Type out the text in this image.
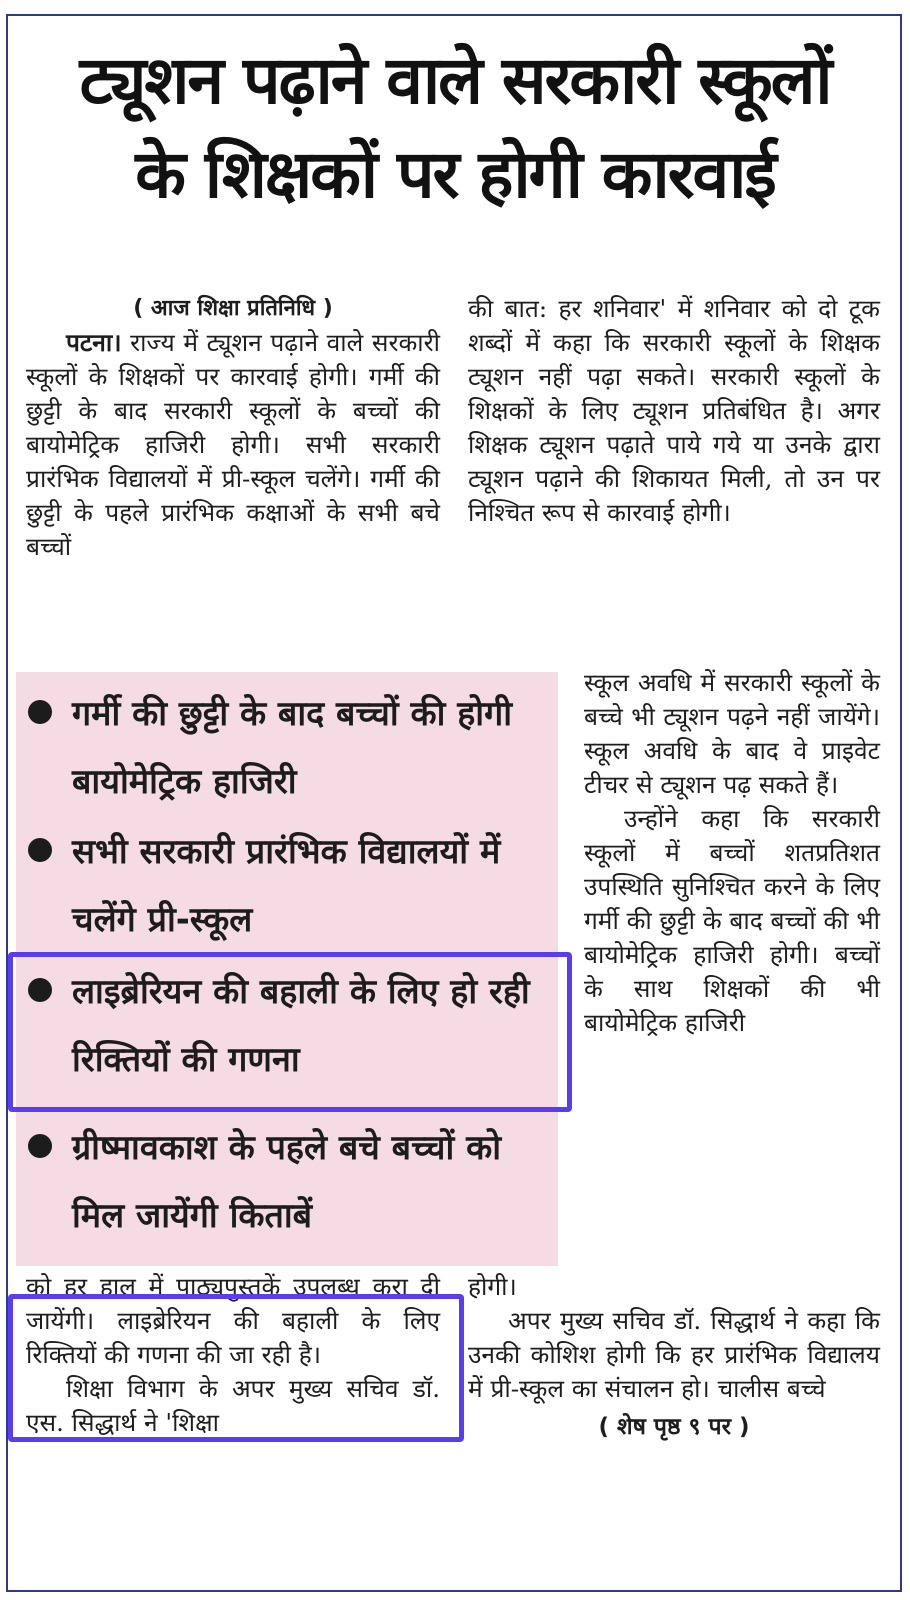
ट्यूशन पढ़ाने वाले सरकारी स्कूलों
के शिक्षकों पर होगी कारवाई

( आज शिक्षा प्रतिनिधि )

पटना। राज्य में ट्यूशन पढ़ाने वाले सरकारी स्कूलों के शिक्षकों पर कारवाई होगी। गर्मी की छुट्टी के बाद सरकारी स्कूलों के बच्चों की बायोमेट्रिक हाजिरी होगी। सभी सरकारी प्रारंभिक विद्यालयों में प्री-स्कूल चलेंगे। गर्मी की छुट्टी के पहले प्रारंभिक कक्षाओं के सभी बचे बच्चों

गर्मी की छुट्टी के बाद बच्चों की होगी बायोमेट्रिक हाजिरी

सभी सरकारी प्रारंभिक विद्यालयों में चलेंगे प्री-स्कूल

लाइब्रेरियन की बहाली के लिए हो रही रिक्तियों की गणना

ग्रीष्मावकाश के पहले बचे बच्चों को मिल जायेंगी किताबें

को हर हाल में पाठ्यपुस्तकें उपलब्ध करा दी जायेंगी। लाइब्रेरियन की बहाली के लिए रिक्तियों की गणना की जा रही है।

शिक्षा विभाग के अपर मुख्य सचिव डॉ. एस. सिद्धार्थ ने 'शिक्षा

की बात: हर शनिवार' में शनिवार को दो टूक शब्दों में कहा कि सरकारी स्कूलों के शिक्षक ट्यूशन नहीं पढ़ा सकते। सरकारी स्कूलों के शिक्षकों के लिए ट्यूशन प्रतिबंधित है। अगर शिक्षक ट्यूशन पढ़ाते पाये गये या उनके द्वारा ट्यूशन पढ़ाने की शिकायत मिली, तो उन पर निश्चित रूप से कारवाई होगी।

स्कूल अवधि में सरकारी स्कूलों के बच्चे भी ट्यूशन पढ़ने नहीं जायेंगे। स्कूल अवधि के बाद वे प्राइवेट टीचर से ट्यूशन पढ़ सकते हैं।

उन्होंने कहा कि सरकारी स्कूलों में बच्चों शतप्रतिशत उपस्थिति सुनिश्चित करने के लिए गर्मी की छुट्टी के बाद बच्चों की भी बायोमेट्रिक हाजिरी होगी। बच्चों के साथ शिक्षकों की भी बायोमेट्रिक हाजिरी

होगी।

अपर मुख्य सचिव डॉ. सिद्धार्थ ने कहा कि उनकी कोशिश होगी कि हर प्रारंभिक विद्यालय में प्री-स्कूल का संचालन हो। चालीस बच्चे

( शेष पृष्ठ ९ पर )
